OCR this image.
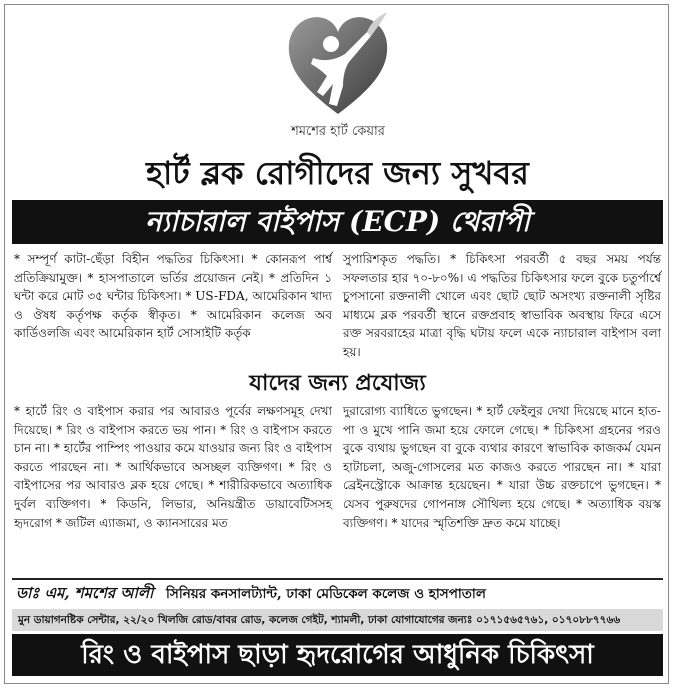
শমশের হার্ট কেয়ার
হার্ট ব্লক রোগীদের জন্য সুখবর
ন্যাচারাল বাইপাস (ECP) থেরাপী
* সম্পূর্ণ কাটা-ছেঁড়া বিহীন পদ্ধতির চিকিৎসা। * কোনরূপ পার্শ্ব প্রতিক্রিয়ামুক্ত। * হাসপাতালে ভর্তির প্রয়োজন নেই। * প্রতিদিন ১ ঘন্টা করে মোট ৩৫ ঘন্টার চিকিৎসা। * US-FDA, আমেরিকান খাদ্য ও ঔষধ কর্তৃপক্ষ কর্তৃক স্বীকৃত। * আমেরিকান কলেজ অব কার্ডিওলজি এবং আমেরিকান হার্ট সোসাইটি কর্তৃক
সুপারিশকৃত পদ্ধতি। * চিকিৎসা পরবর্তী ৫ বছর সময় পর্যন্ত সফলতার হার ৭০-৮০%। এ পদ্ধতির চিকিৎসার ফলে বুকে চতুর্পার্শ্বে চুপসানো রক্তনালী খোলে এবং ছোট ছোট অসংখ্য রক্তনালী সৃষ্টির মাধ্যমে ব্লক পরবর্তী স্থানে রক্তপ্রবাহ স্বাভাবিক অবস্থায় ফিরে এসে রক্ত সরবরাহের মাত্রা বৃদ্ধি ঘটায় ফলে একে ন্যাচারাল বাইপাস বলা হয়।
যাদের জন্য প্রযোজ্য
* হার্টে রিং ও বাইপাস করার পর আবারও পূর্বের লক্ষণসমূহ দেখা দিয়েছে। * রিং ও বাইপাস করতে ভয় পান। * রিং ও বাইপাস করতে চান না। * হার্টের পাম্পিং পাওয়ার কমে যাওয়ার জন্য রিং ও বাইপাস করতে পারছেন না। * আর্থিকভাবে অসচ্ছল ব্যক্তিগণ। * রিং ও বাইপাসের পর আবারও ব্লক হয়ে গেছে। * শারীরিকভাবে অত্যাধিক দুর্বল ব্যক্তিগণ। * কিডনি, লিভার, অনিয়ন্ত্রীত ডায়াবেটিসসহ হৃদরোগ * জটিল এ্যাজমা, ও ক্যানসারের মত
দুরারোগ্য ব্যাধিতে ভুগছেন। * হার্ট ফেইলুর দেখা দিয়েছে মানে হাত-পা ও মুখে পানি জমা হয়ে ফোলে গেছে। * চিকিৎসা গ্রহনের পরও বুকে ব্যথায় ভুগছেন বা বুকে ব্যথার কারণে স্বাভাবিক কাজকর্ম যেমন হাটাচলা, অজু-গোসলের মত কাজও করতে পারছেন না। * যারা ব্রেইনস্ট্রোকে আক্রান্ত হয়েছেন। * যারা উচ্চ রক্তচাপে ভুগছেন। * যেসব পুরুষদের গোপনাঙ্গ সৌথিল্য হয়ে গেছে। * অত্যাধিক বয়স্ক ব্যক্তিগণ। * যাদের স্মৃতিশক্তি দ্রুত কমে যাচ্ছে।
ডাঃ এম, শমশের আলী সিনিয়র কনসালট্যান্ট, ঢাকা মেডিকেল কলেজ ও হাসপাতাল
মুন ডায়াগনষ্টিক সেন্টার, ২২/২০ খিলজি রোড/বাবর রোড, কলেজ গেইট, শ্যামলী, ঢাকা যোগাযোগের জন্যঃ ০১৭১৫৬৫৭৬১, ০১৭০৮৮৭৭৬৬
রিং ও বাইপাস ছাড়া হৃদরোগের আধুনিক চিকিৎসা
